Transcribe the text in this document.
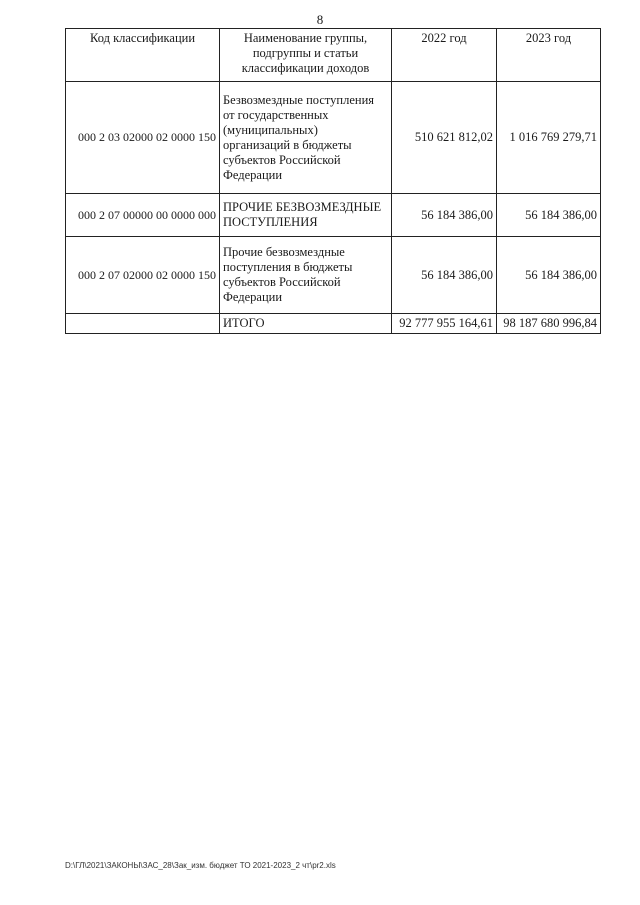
8
Код классификации	Наименование группы, подгруппы и статьи классификации доходов	2022 год	2023 год
000 2 03 02000 02 0000 150	Безвозмездные поступления от государственных (муниципальных) организаций в бюджеты субъектов Российской Федерации	510 621 812,02	1 016 769 279,71
000 2 07 00000 00 0000 000	ПРОЧИЕ БЕЗВОЗМЕЗДНЫЕ ПОСТУПЛЕНИЯ	56 184 386,00	56 184 386,00
000 2 07 02000 02 0000 150	Прочие безвозмездные поступления в бюджеты субъектов Российской Федерации	56 184 386,00	56 184 386,00
	ИТОГО	92 777 955 164,61	98 187 680 996,84
D:\ГЛ\2021\ЗАКОНЫ\ЗАС_28\Зак_изм. бюджет ТО 2021-2023_2 чт\pr2.xls
